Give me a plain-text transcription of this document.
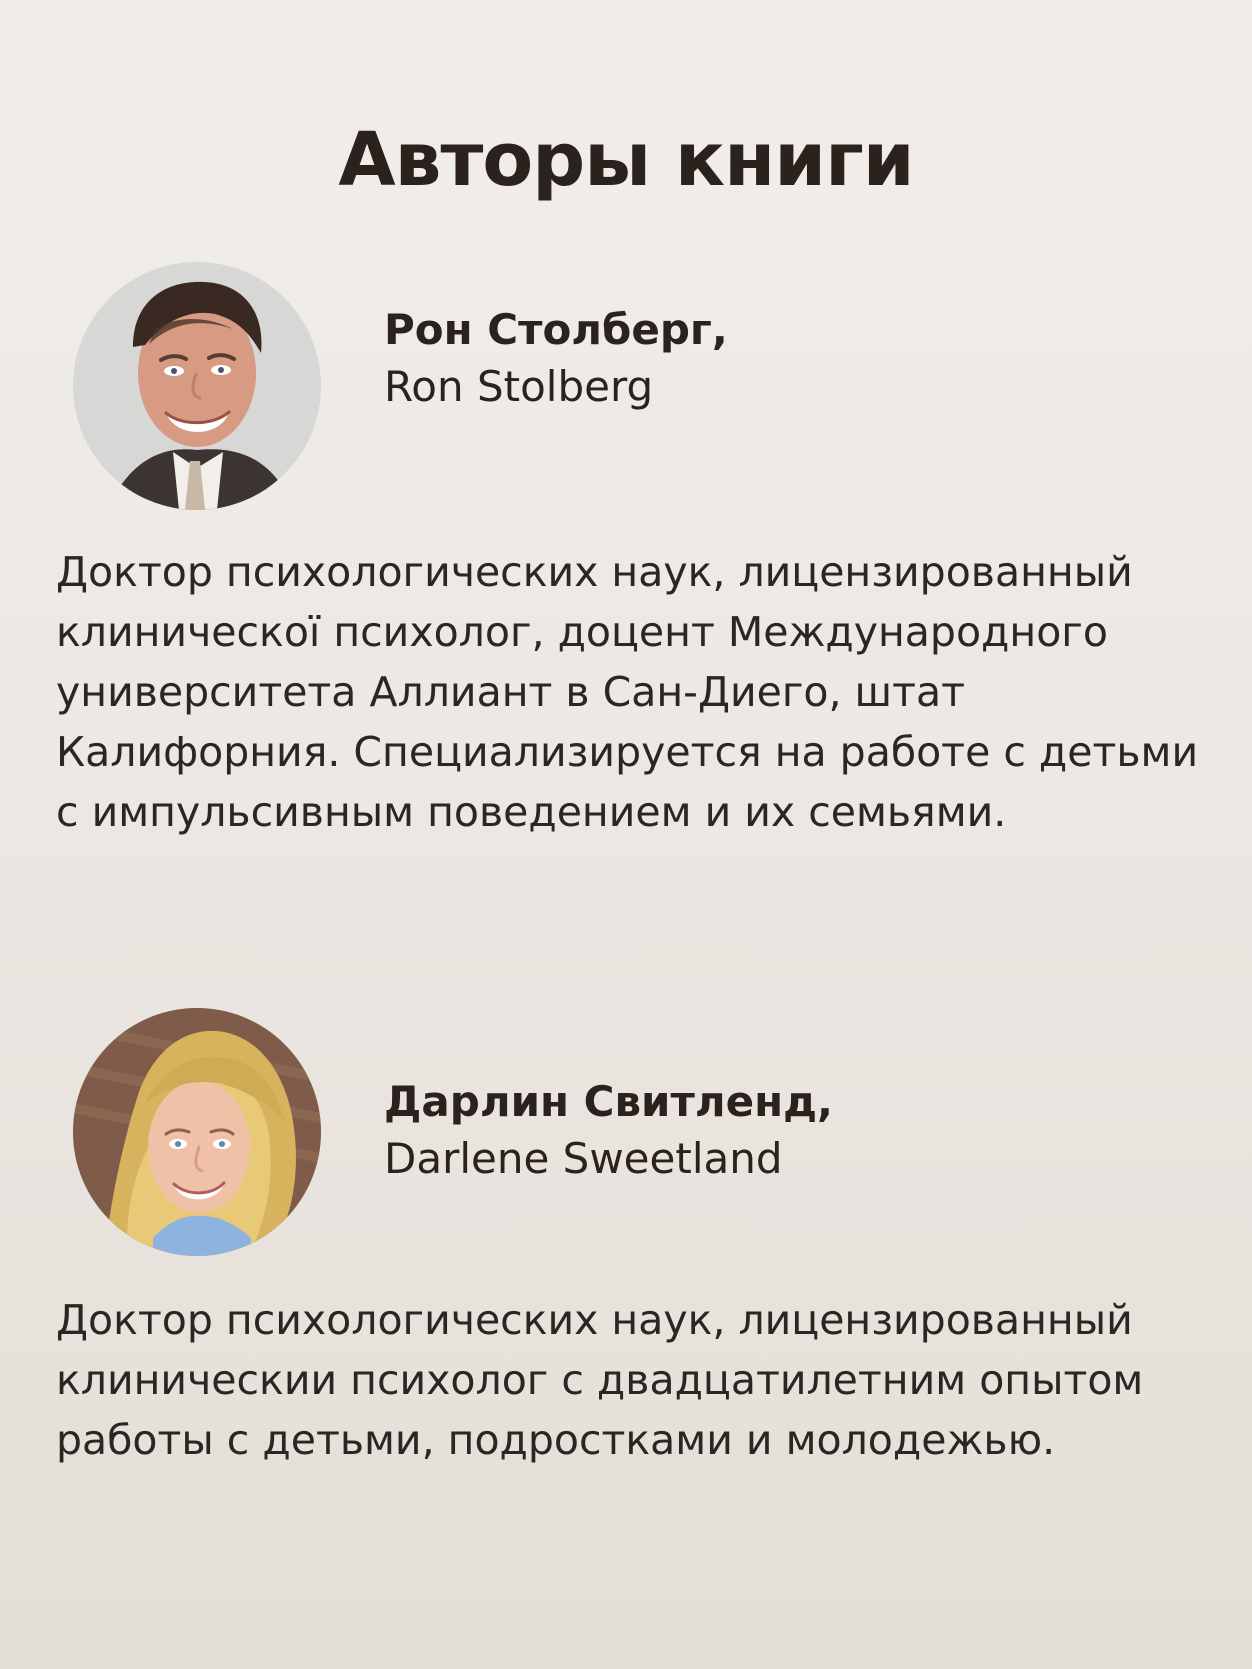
Авторы книги
Рон Столберг,
Ron Stolberg

Доктор психологических наук, лицензированный клиническої психолог, доцент Международного университета Аллиант в Сан-Диего, штат Калифорния. Специализируется на работе с детьми с импульсивным поведением и их семьями.

Дарлин Свитленд,
Darlene Sweetland

Доктор психологических наук, лицензированный клиническии психолог с двадцатилетним опытом работы с детьми, подростками и молодежью.
